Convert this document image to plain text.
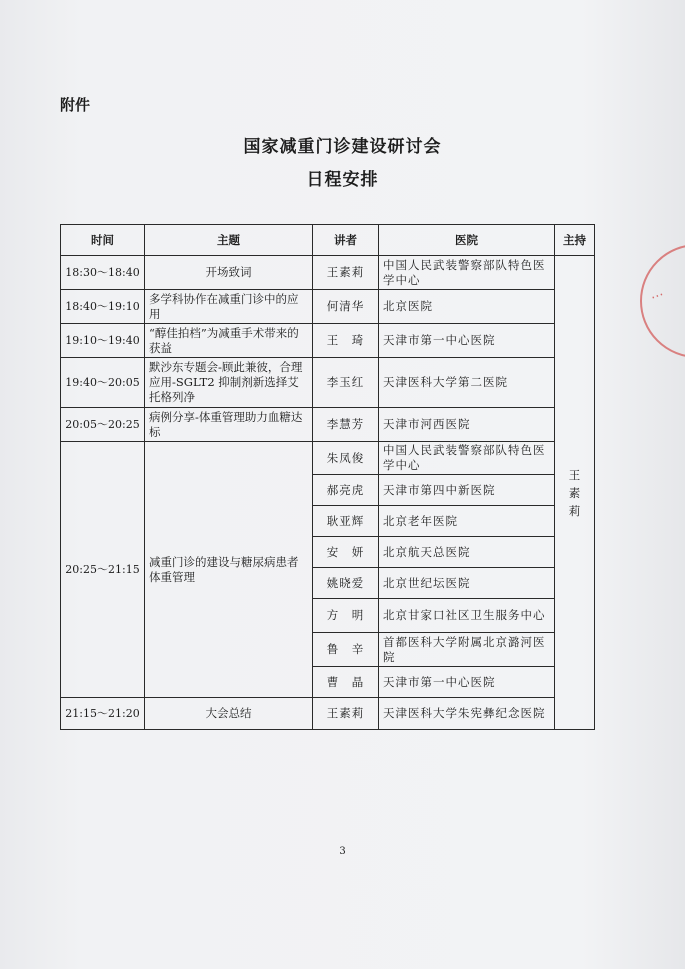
⋯
附件
国家减重门诊建设研讨会
日程安排
时间	主题	讲者	医院	主持
18:30～18:40	开场致词	王素莉	中国人民武装警察部队特色医学中心	王素莉
18:40～19:10	多学科协作在减重门诊中的应用	何清华	北京医院	
19:10～19:40	“醇佳拍档”为减重手术带来的获益	王　琦	天津市第一中心医院	
19:40～20:05	默沙东专题会-顾此兼彼，合理应用-SGLT2 抑制剂新选择艾托格列净	李玉红	天津医科大学第二医院	
20:05～20:25	病例分享-体重管理助力血糖达标	李慧芳	天津市河西医院	
20:25～21:15	减重门诊的建设与糖尿病患者体重管理	朱凤俊	中国人民武装警察部队特色医学中心	
		郝亮虎	天津市第四中新医院	
		耿亚辉	北京老年医院	
		安　妍	北京航天总医院	
		姚晓爱	北京世纪坛医院	
		方　明	北京甘家口社区卫生服务中心	
		鲁　辛	首都医科大学附属北京潞河医院	
		曹　晶	天津市第一中心医院	
21:15～21:20	大会总结	王素莉	天津医科大学朱宪彝纪念医院	
3
